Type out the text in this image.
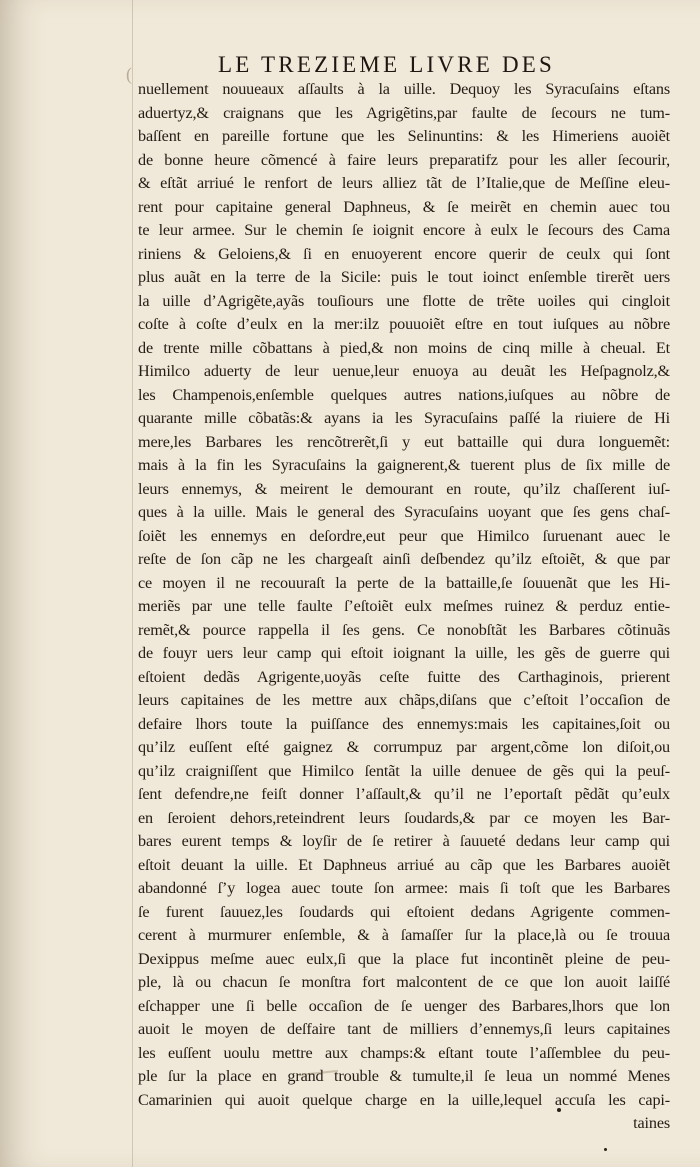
(	LE TREZIEME LIVRE DES
nuellement nouueaux aſſaults à la uille. Dequoy les Syracuſains eſtans
aduertyz,& craignans que les Agrigẽtins,par faulte de ſecours ne tum-
baſſent en pareille fortune que les Selinuntins: & les Himeriens auoiẽt
de bonne heure cõmencé à faire leurs preparatifz pour les aller ſecourir,
& eſtãt arriué le renfort de leurs alliez tãt de l’Italie,que de Meſſine eleu-
rent pour capitaine general Daphneus, & ſe meirẽt en chemin auec tou
te leur armee. Sur le chemin ſe ioignit encore à eulx le ſecours des Cama
riniens & Geloiens,& ſi en enuoyerent encore querir de ceulx qui ſont
plus auãt en la terre de la Sicile: puis le tout ioinct enſemble tirerẽt uers
la uille d’Agrigẽte,ayãs touſiours une flotte de trẽte uoiles qui cingloit
coſte à coſte d’eulx en la mer:ilz pouuoiẽt eſtre en tout iuſques au nõbre
de trente mille cõbattans à pied,& non moins de cinq mille à cheual. Et
Himilco aduerty de leur uenue,leur enuoya au deuãt les Heſpagnolz,&
les Champenois,enſemble quelques autres nations,iuſques au nõbre de
quarante mille cõbatãs:& ayans ia les Syracuſains paſſé la riuiere de Hi
mere,les Barbares les rencõtrerẽt,ſi y eut battaille qui dura longuemẽt:
mais à la fin les Syracuſains la gaignerent,& tuerent plus de ſix mille de
leurs ennemys, & meirent le demourant en route, qu’ilz chaſſerent iuſ-
ques à la uille. Mais le general des Syracuſains uoyant que ſes gens chaſ-
ſoiẽt les ennemys en deſordre,eut peur que Himilco ſuruenant auec le
reſte de ſon cãp ne les chargeaſt ainſi deſbendez qu’ilz eſtoiẽt, & que par
ce moyen il ne recouuraſt la perte de la battaille,ſe ſouuenãt que les Hi-
meriẽs par une telle faulte ſ’eſtoiẽt eulx meſmes ruinez & perduz entie-
remẽt,& pource rappella il ſes gens. Ce nonobſtãt les Barbares cõtinuãs
de fouyr uers leur camp qui eſtoit ioignant la uille, les gẽs de guerre qui
eſtoient dedãs Agrigente,uoyãs ceſte fuitte des Carthaginois, prierent
leurs capitaines de les mettre aux chãps,diſans que c’eſtoit l’occaſion de
defaire lhors toute la puiſſance des ennemys:mais les capitaines,ſoit ou
qu’ilz euſſent eſté gaignez & corrumpuz par argent,cõme lon diſoit,ou
qu’ilz craigniſſent que Himilco ſentãt la uille denuee de gẽs qui la peuſ-
ſent defendre,ne feiſt donner l’aſſault,& qu’il ne l’eportaſt pẽdãt qu’eulx
en ſeroient dehors,reteindrent leurs ſoudards,& par ce moyen les Bar-
bares eurent temps & loyſir de ſe retirer à ſauueté dedans leur camp qui
eſtoit deuant la uille. Et Daphneus arriué au cãp que les Barbares auoiẽt
abandonné ſ’y logea auec toute ſon armee: mais ſi toſt que les Barbares
ſe furent ſauuez,les ſoudards qui eſtoient dedans Agrigente commen-
cerent à murmurer enſemble, & à ſamaſſer ſur la place,là ou ſe trouua
Dexippus meſme auec eulx,ſi que la place fut incontinẽt pleine de peu-
ple, là ou chacun ſe monſtra fort malcontent de ce que lon auoit laiſſé
eſchapper une ſi belle occaſion de ſe uenger des Barbares,lhors que lon
auoit le moyen de deſfaire tant de milliers d’ennemys,ſi leurs capitaines
les euſſent uoulu mettre aux champs:& eſtant toute l’aſſemblee du peu-
ple ſur la place en grand trouble & tumulte,il ſe leua un nommé Menes
Camarinien qui auoit quelque charge en la uille,lequel accuſa les capi-
taines
